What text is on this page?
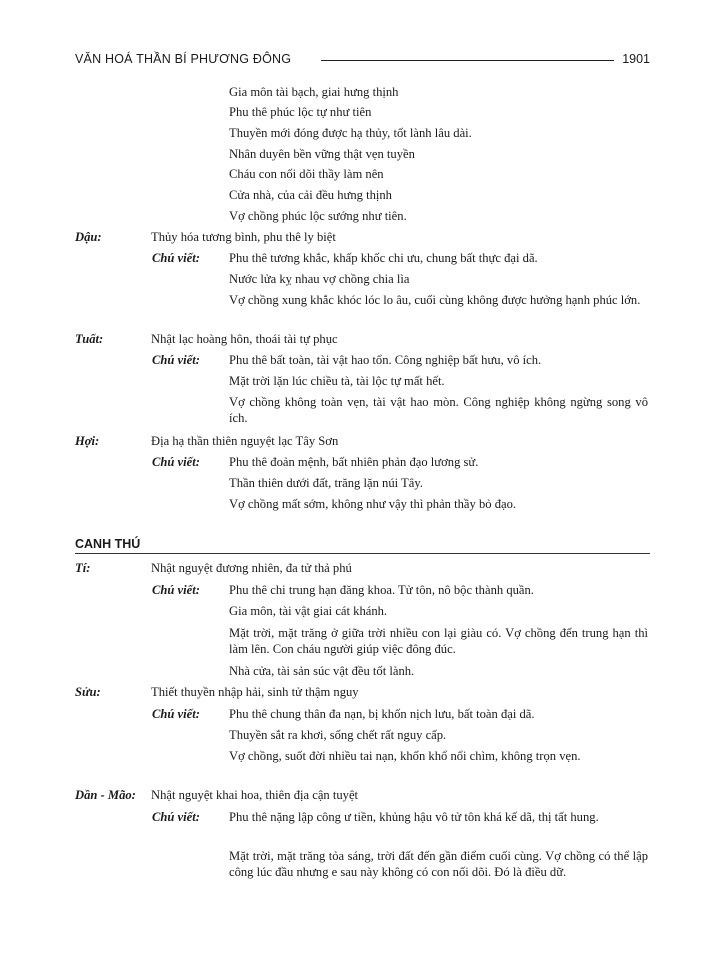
VĂN HOÁ THẦN BÍ PHƯƠNG ĐÔNG	1901
Gia môn tài bạch, giai hưng thịnh
Phu thê phúc lộc tự như tiên
Thuyền mới đóng được hạ thủy, tốt lành lâu dài.
Nhân duyên bền vững thật vẹn tuyền
Cháu con nối dõi thầy làm nên
Cửa nhà, của cải đều hưng thịnh
Vợ chồng phúc lộc sướng như tiên.
Dậu:	Thủy hóa tương bình, phu thê ly biệt
Chú viết: Phu thê tương khắc, khấp khốc chi ưu, chung bất thực đại dã.
Nước lửa kỵ nhau vợ chồng chia lìa
Vợ chồng xung khắc khóc lóc lo âu, cuối cùng không được hưởng hạnh phúc lớn.
Tuất:	Nhật lạc hoàng hôn, thoái tài tự phục
Chú viết: Phu thê bất toàn, tài vật hao tổn. Công nghiệp bất hưu, vô ích.
Mặt trời lặn lúc chiều tà, tài lộc tự mất hết.
Vợ chồng không toàn vẹn, tài vật hao mòn. Công nghiệp không ngừng song vô ích.
Hợi:	Địa hạ thần thiên nguyệt lạc Tây Sơn
Chú viết: Phu thê đoản mệnh, bất nhiên phản đạo lương sử.
Thần thiên dưới đất, trăng lặn núi Tây.
Vợ chồng mất sớm, không như vậy thì phản thầy bỏ đạo.
CANH THÚ
Tí:	Nhật nguyệt đương nhiên, đa tử thả phú
Chú viết: Phu thê chi trung hạn đăng khoa. Tử tôn, nô bộc thành quần.
Gia môn, tài vật giai cát khánh.
Mặt trời, mặt trăng ở giữa trời nhiều con lại giàu có. Vợ chồng đến trung hạn thì làm lên. Con cháu người giúp việc đông đúc.
Nhà cửa, tài sản súc vật đều tốt lành.
Sửu:	Thiết thuyền nhập hải, sinh tử thậm nguy
Chú viết: Phu thê chung thân đa nạn, bị khốn nịch lưu, bất toàn đại dã.
Thuyền sắt ra khơi, sống chết rất nguy cấp.
Vợ chồng, suốt đời nhiều tai nạn, khốn khổ nổi chìm, không trọn vẹn.
Dần - Mão: Nhật nguyệt khai hoa, thiên địa cận tuyệt
Chú viết: Phu thê nặng lập công ư tiền, khủng hậu vô tử tôn khá kế dã, thị tất hung.
Mặt trời, mặt trăng tỏa sáng, trời đất đến gần điểm cuối cùng. Vợ chồng có thể lập công lúc đầu nhưng e sau này không có con nối dõi. Đó là điều dữ.
